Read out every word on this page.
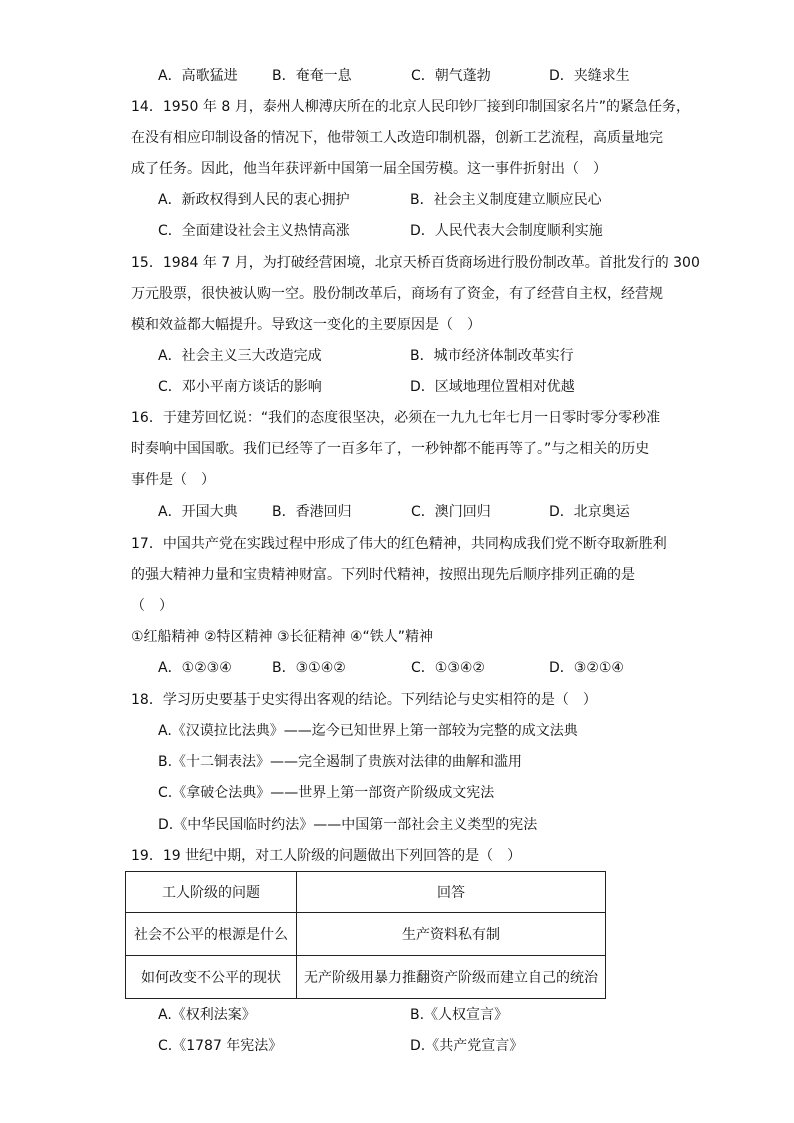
A．高歌猛进 B．奄奄一息	C．朝气蓬勃	D．夹缝求生
14．1950 年 8 月，泰州人柳溥庆所在的北京人民印钞厂接到印制国家名片”的紧急任务，
在没有相应印制设备的情况下，他带领工人改造印制机器，创新工艺流程，高质量地完
成了任务。因此，他当年获评新中国第一届全国劳模。这一事件折射出（　）
A．新政权得到人民的衷心拥护	B．社会主义制度建立顺应民心
C．全面建设社会主义热情高涨	D．人民代表大会制度顺利实施
15．1984 年 7 月，为打破经营困境，北京天桥百货商场进行股份制改革。首批发行的 300
万元股票，很快被认购一空。股份制改革后，商场有了资金，有了经营自主权，经营规
模和效益都大幅提升。导致这一变化的主要原因是（　）
A．社会主义三大改造完成	B．城市经济体制改革实行
C．邓小平南方谈话的影响	D．区域地理位置相对优越
16．于建芳回忆说：“我们的态度很坚决，必须在一九九七年七月一日零时零分零秒准
时奏响中国国歌。我们已经等了一百多年了，一秒钟都不能再等了。”与之相关的历史
事件是（　）
A．开国大典 B．香港回归	C．澳门回归	D．北京奥运
17．中国共产党在实践过程中形成了伟大的红色精神，共同构成我们党不断夺取新胜利
的强大精神力量和宝贵精神财富。下列时代精神，按照出现先后顺序排列正确的是
（　）
①红船精神 ②特区精神 ③长征精神 ④“铁人”精神
A．①②③④	B．③①④②	C．①③④②	D．③②①④
18．学习历史要基于史实得出客观的结论。下列结论与史实相符的是（　）
A.《汉谟拉比法典》——迄今已知世界上第一部较为完整的成文法典
B.《十二铜表法》——完全遏制了贵族对法律的曲解和滥用
C.《拿破仑法典》——世界上第一部资产阶级成文宪法
D.《中华民国临时约法》——中国第一部社会主义类型的宪法
19．19 世纪中期，对工人阶级的问题做出下列回答的是（　）
工人阶级的问题	回答
社会不公平的根源是什么	生产资料私有制
如何改变不公平的现状	无产阶级用暴力推翻资产阶级而建立自己的统治
A.《权利法案》	B.《人权宣言》
C.《1787 年宪法》	D.《共产党宣言》
